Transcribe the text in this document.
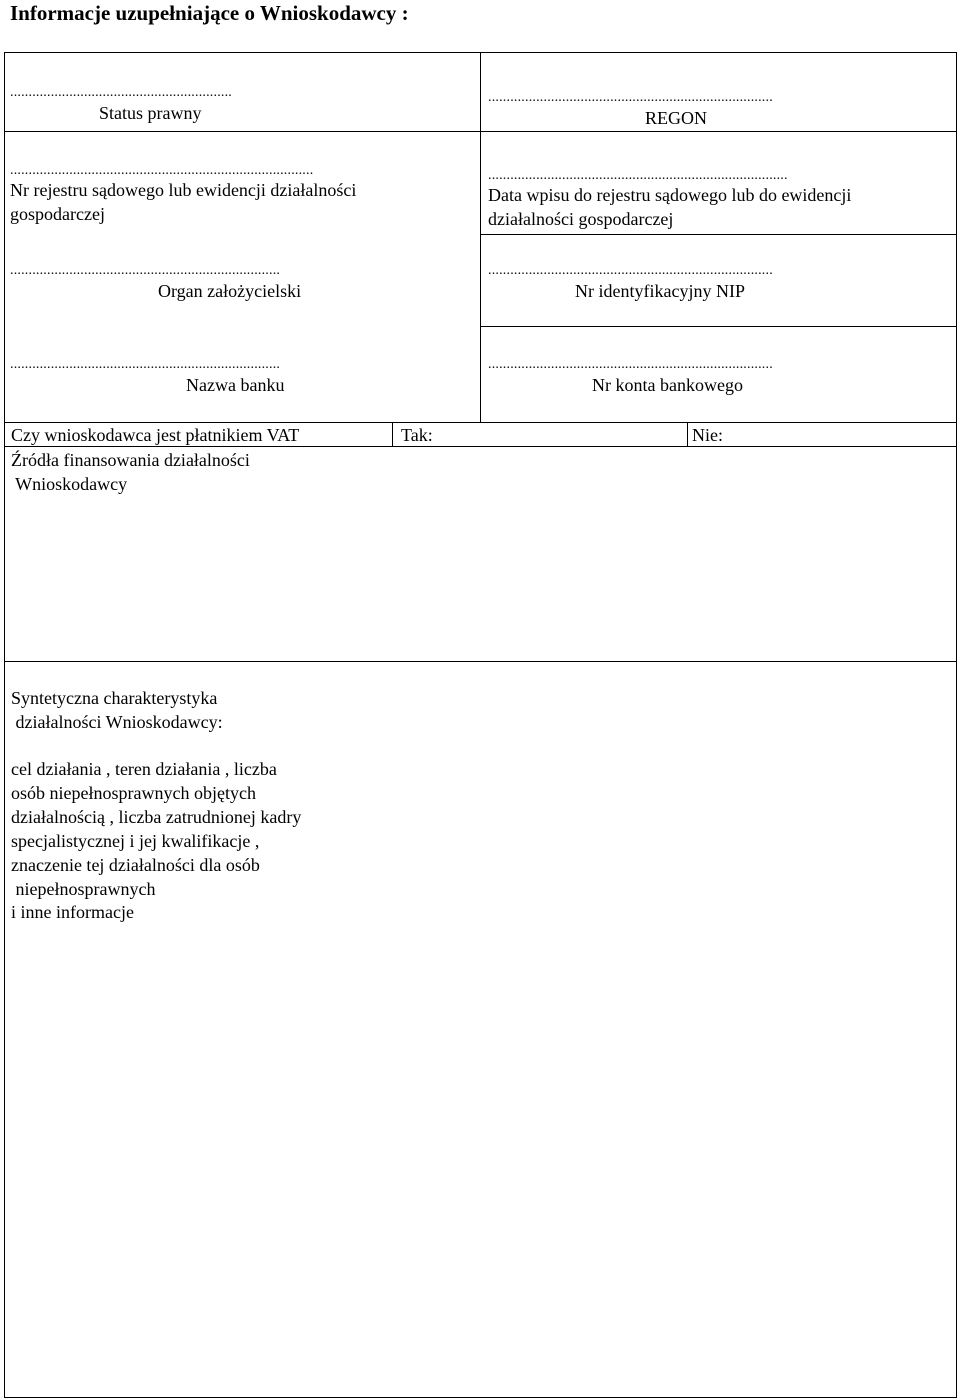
Informacje uzupełniające o Wnioskodawcy :
............................................................
Status prawny
.............................................................................
REGON
..................................................................................
Nr rejestru sądowego lub ewidencji działalności
gospodarczej
.................................................................................
Data wpisu do rejestru sądowego lub do ewidencji
działalności gospodarczej
.........................................................................
Organ założycielski
.............................................................................
Nr identyfikacyjny NIP
.........................................................................
Nazwa banku
.............................................................................
Nr konta bankowego
Czy wnioskodawca jest płatnikiem VAT	Tak:	Nie:
Źródła finansowania działalności
Wnioskodawcy
Syntetyczna charakterystyka
działalności Wnioskodawcy:
cel działania , teren działania , liczba
osób niepełnosprawnych objętych
działalnością , liczba zatrudnionej kadry
specjalistycznej i jej kwalifikacje ,
znaczenie tej działalności dla osób
niepełnosprawnych
i inne informacje
